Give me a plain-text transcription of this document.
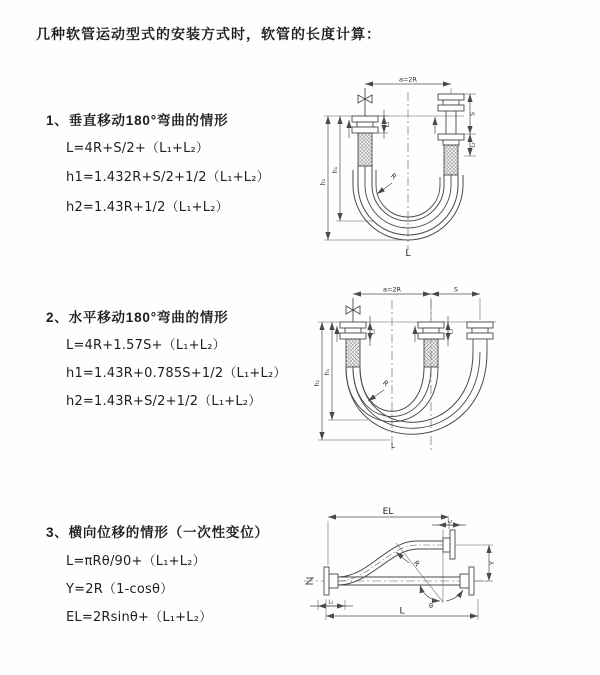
几种软管运动型式的安装方式时，软管的长度计算：
1、垂直移动180°弯曲的情形
L=4R+S/2+（L₁+L₂）
h1=1.432R+S/2+1/2（L₁+L₂）
h2=1.43R+1/2（L₁+L₂）
2、水平移动180°弯曲的情形
L=4R+1.57S+（L₁+L₂）
h1=1.43R+0.785S+1/2（L₁+L₂）
h2=1.43R+S/2+1/2（L₁+L₂）
3、横向位移的情形（一次性变位）
L=πRθ/90+（L₁+L₂）
Y=2R（1-cosθ）
EL=2Rsinθ+（L₁+L₂）
a=2R
L₁
S
L₂
h₁
h₂
R
L
a=2R	S
L₁	L₁
h₁
h₂	R
L
EL
L₂
Y
θ
R
L₁
L
